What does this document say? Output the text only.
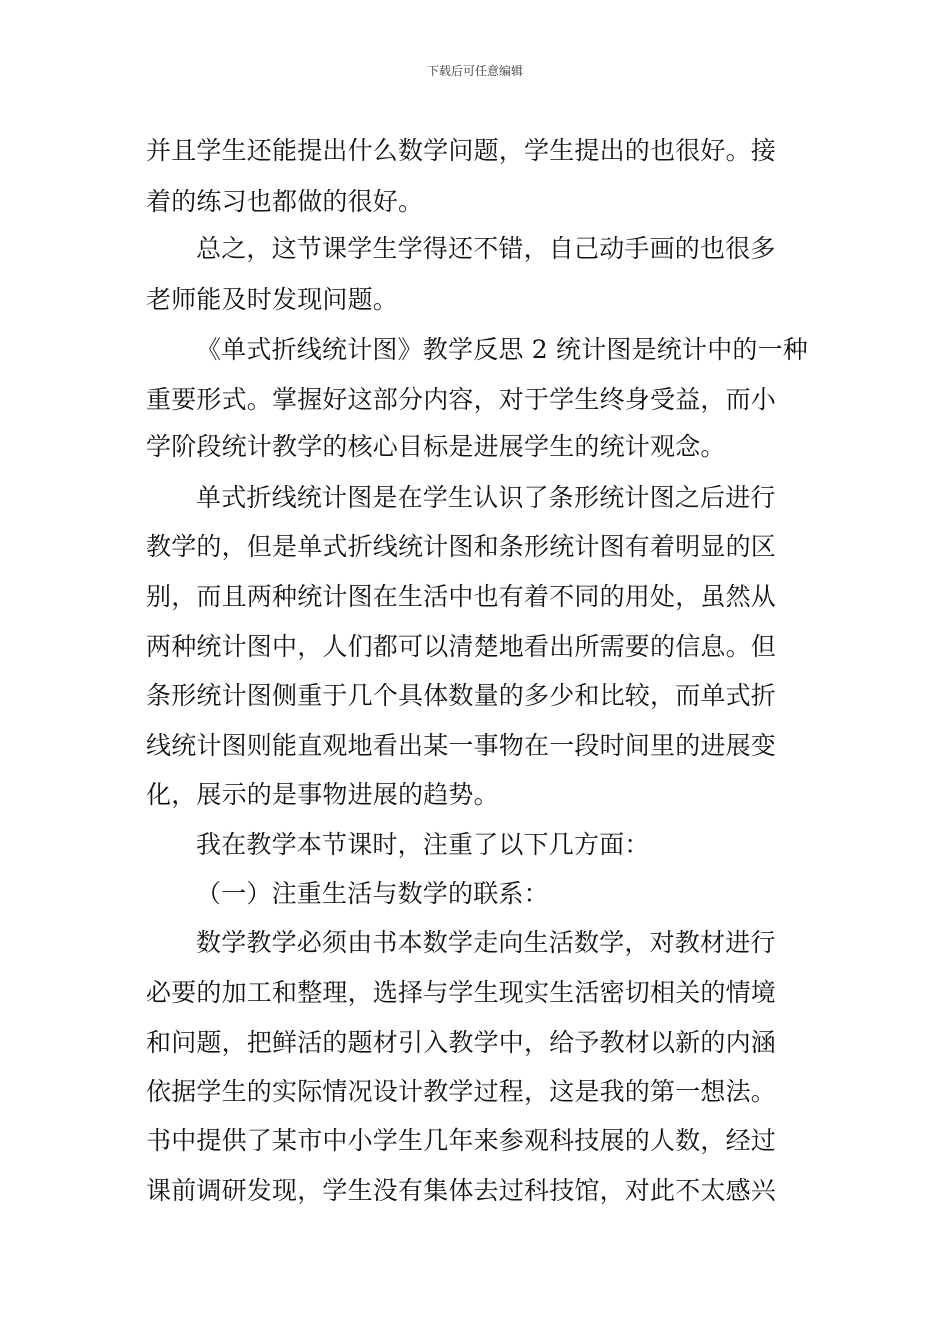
下载后可任意编辑
并且学生还能提出什么数学问题，学生提出的也很好。接
着的练习也都做的很好。
总之，这节课学生学得还不错，自己动手画的也很多
老师能及时发现问题。
《单式折线统计图》教学反思 2 统计图是统计中的一种
重要形式。掌握好这部分内容，对于学生终身受益，而小
学阶段统计教学的核心目标是进展学生的统计观念。
单式折线统计图是在学生认识了条形统计图之后进行
教学的，但是单式折线统计图和条形统计图有着明显的区
别，而且两种统计图在生活中也有着不同的用处，虽然从
两种统计图中，人们都可以清楚地看出所需要的信息。但
条形统计图侧重于几个具体数量的多少和比较，而单式折
线统计图则能直观地看出某一事物在一段时间里的进展变
化，展示的是事物进展的趋势。
我在教学本节课时，注重了以下几方面：
（一）注重生活与数学的联系：
数学教学必须由书本数学走向生活数学，对教材进行
必要的加工和整理，选择与学生现实生活密切相关的情境
和问题，把鲜活的题材引入教学中，给予教材以新的内涵
依据学生的实际情况设计教学过程，这是我的第一想法。
书中提供了某市中小学生几年来参观科技展的人数，经过
课前调研发现，学生没有集体去过科技馆，对此不太感兴
